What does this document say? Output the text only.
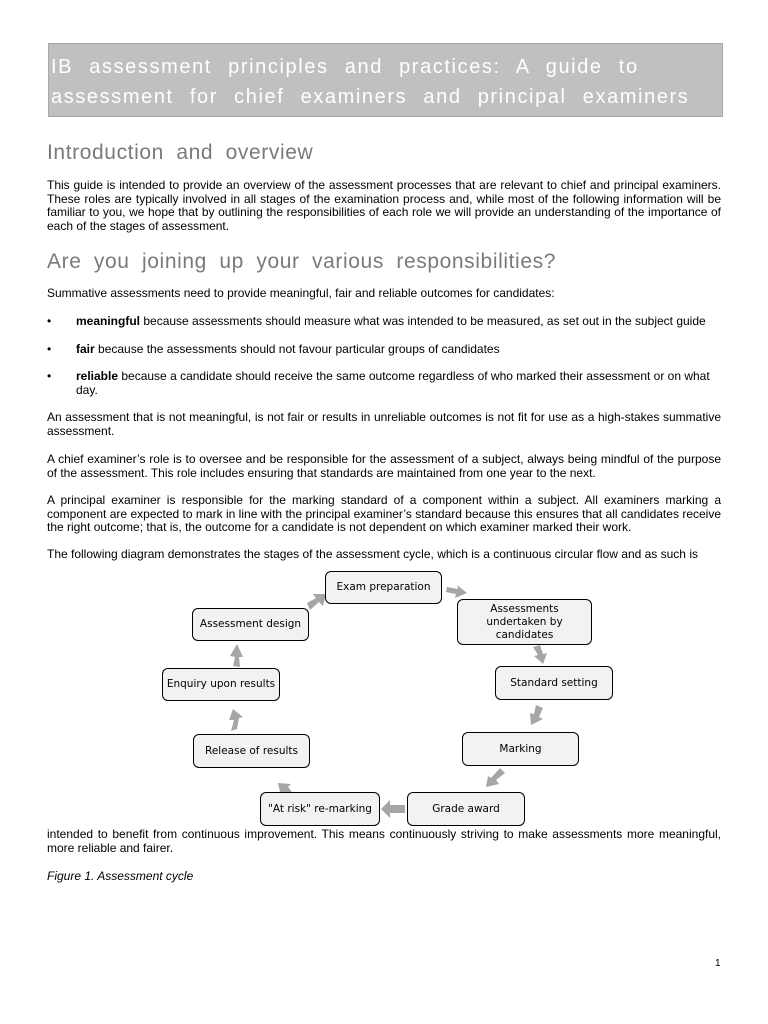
IB assessment principles and practices: A guide to assessment for chief examiners and principal examiners
Introduction and overview

This guide is intended to provide an overview of the assessment processes that are relevant to chief and principal examiners. These roles are typically involved in all stages of the examination process and, while most of the following information will be familiar to you, we hope that by outlining the responsibilities of each role we will provide an understanding of the importance of each of the stages of assessment.

Are you joining up your various responsibilities?

Summative assessments need to provide meaningful, fair and reliable outcomes for candidates:

• meaningful because assessments should measure what was intended to be measured, as set out in the subject guide
• fair because the assessments should not favour particular groups of candidates
• reliable because a candidate should receive the same outcome regardless of who marked their assessment or on what day.

An assessment that is not meaningful, is not fair or results in unreliable outcomes is not fit for use as a high-stakes summative assessment.

A chief examiner’s role is to oversee and be responsible for the assessment of a subject, always being mindful of the purpose of the assessment. This role includes ensuring that standards are maintained from one year to the next.

A principal examiner is responsible for the marking standard of a component within a subject. All examiners marking a component are expected to mark in line with the principal examiner’s standard because this ensures that all candidates receive the right outcome; that is, the outcome for a candidate is not dependent on which examiner marked their work.

The following diagram demonstrates the stages of the assessment cycle, which is a continuous circular flow and as such is

Exam preparation
Assessments undertaken by candidates
Standard setting
Marking
Grade award
"At risk" re-marking
Release of results
Enquiry upon results
Assessment design

intended to benefit from continuous improvement. This means continuously striving to make assessments more meaningful, more reliable and fairer.

Figure 1. Assessment cycle

1
